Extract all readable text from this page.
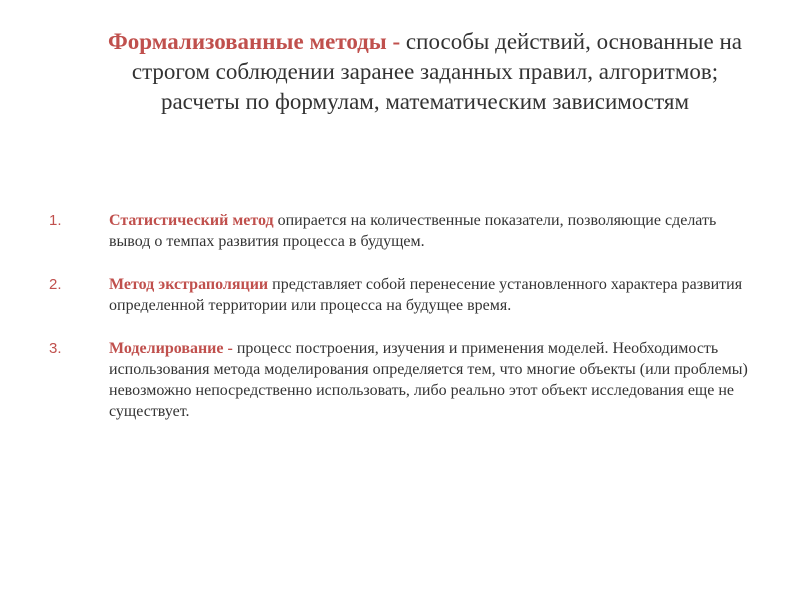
Формализованные методы - способы действий, основанные на строгом соблюдении заранее заданных правил, алгоритмов; расчеты по формулам, математическим зависимостям
1.	Статистический метод опирается на количественные показатели, позволяющие сделать вывод о темпах развития процесса в будущем.
2.	Метод экстраполяции представляет собой перенесение установленного характера развития определенной территории или процесса на будущее время.
3.	Моделирование - процесс построения, изучения и применения моделей. Необходимость использования метода моделирования определяется тем, что многие объекты (или проблемы) невозможно непосредственно использовать, либо реально этот объект исследования еще не существует.
